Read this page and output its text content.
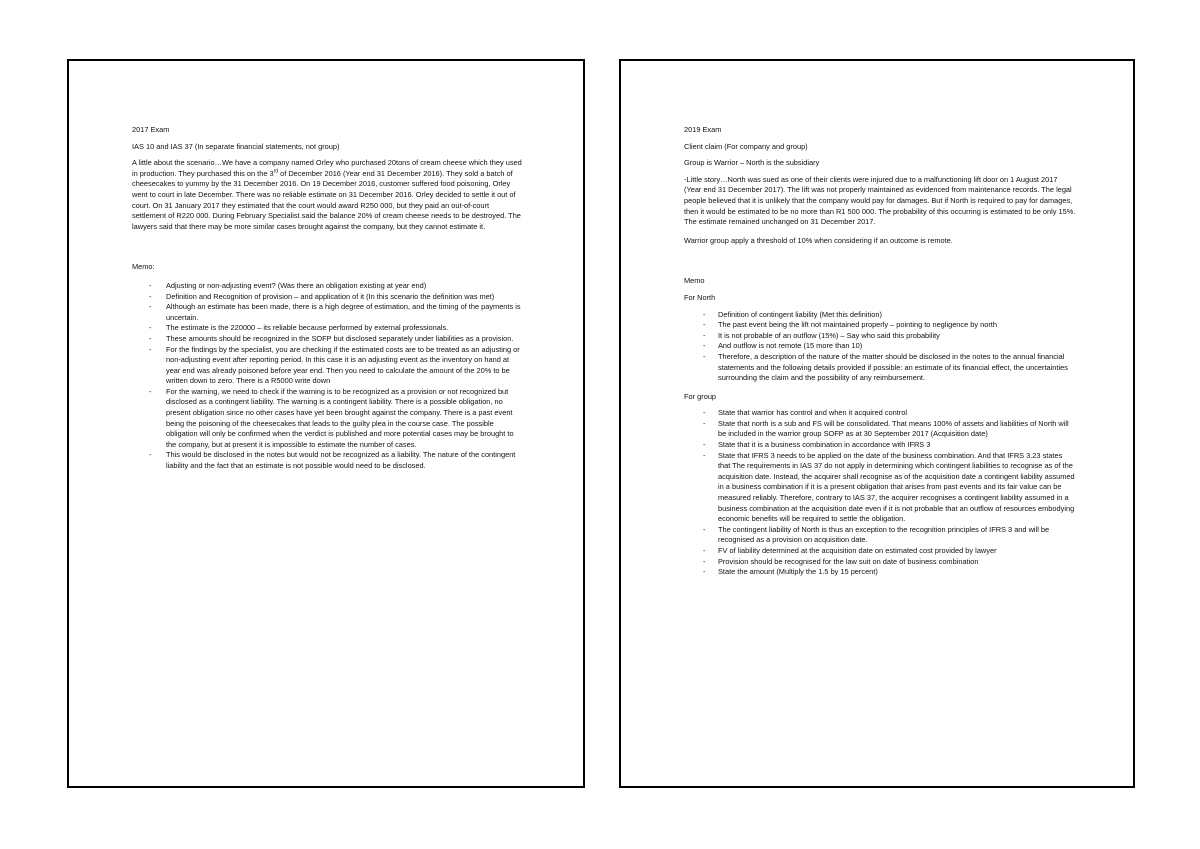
2017 Exam

IAS 10 and IAS 37 (In separate financial statements, not group)

A little about the scenario…We have a company named Orley who purchased 20tons of cream cheese which they used in production. They purchased this on the 3rd of December 2016 (Year end 31 December 2016). They sold a batch of cheesecakes to yummy by the 31 December 2016. On 19 December 2016, customer suffered food poisoning, Orley went to court in late December. There was no reliable estimate on 31 December 2016. Orley decided to settle it out of court. On 31 January 2017 they estimated that the court would award R250 000, but they paid an out-of-court settlement of R220 000. During February Specialist said the balance 20% of cream cheese needs to be destroyed. The lawyers said that there may be more similar cases brought against the company, but they cannot estimate it.

Memo:

- Adjusting or non-adjusting event? (Was there an obligation existing at year end)
- Definition and Recognition of provision – and application of it (In this scenario the definition was met)
- Although an estimate has been made, there is a high degree of estimation, and the timing of the payments is uncertain.
- The estimate is the 220000 – its reliable because performed by external professionals.
- These amounts should be recognized in the SOFP but disclosed separately under liabilities as a provision.
- For the findings by the specialist, you are checking if the estimated costs are to be treated as an adjusting or non-adjusting event after reporting period. In this case it is an adjusting event as the inventory on hand at year end was already poisoned before year end. Then you need to calculate the amount of the 20% to be written down to zero. There is a R5000 write down
- For the warning, we need to check if the warning is to be recognized as a provision or not recognized but disclosed as a contingent liability. The warning is a contingent liability. There is a possible obligation, no present obligation since no other cases have yet been brought against the company. There is a past event being the poisoning of the cheesecakes that leads to the guilty plea in the course case. The possible obligation will only be confirmed when the verdict is published and more potential cases may be brought to the company, but at present it is impossible to estimate the number of cases.
- This would be disclosed in the notes but would not be recognized as a liability. The nature of the contingent liability and the fact that an estimate is not possible would need to be disclosed.

2019 Exam

Client claim (For company and group)

Group is Warrior – North is the subsidiary

-Little story…North was sued as one of their clients were injured due to a malfunctioning lift door on 1 August 2017 (Year end 31 December 2017). The lift was not properly maintained as evidenced from maintenance records. The legal people believed that it is unlikely that the company would pay for damages. But if North is required to pay for damages, then it would be estimated to be no more than R1 500 000. The probability of this occurring is estimated to be only 15%. The estimate remained unchanged on 31 December 2017.

Warrior group apply a threshold of 10% when considering if an outcome is remote.

Memo

For North

- Definition of contingent liability (Met this definition)
- The past event being the lift not maintained properly – pointing to negligence by north
- It is not probable of an outflow (15%) – Say who said this probability
- And outflow is not remote (15 more than 10)
- Therefore, a description of the nature of the matter should be disclosed in the notes to the annual financial statements and the following details provided if possible: an estimate of its financial effect, the uncertainties surrounding the claim and the possibility of any reimbursement.

For group

- State that warrior has control and when it acquired control
- State that north is a sub and FS will be consolidated. That means 100% of assets and liabilities of North will be included in the warrior group SOFP as at 30 September 2017 (Acquisition date)
- State that it is a business combination in accordance with IFRS 3
- State that IFRS 3 needs to be applied on the date of the business combination. And that IFRS 3.23 states that The requirements in IAS 37 do not apply in determining which contingent liabilities to recognise as of the acquisition date. Instead, the acquirer shall recognise as of the acquisition date a contingent liability assumed in a business combination if it is a present obligation that arises from past events and its fair value can be measured reliably. Therefore, contrary to IAS 37, the acquirer recognises a contingent liability assumed in a business combination at the acquisition date even if it is not probable that an outflow of resources embodying economic benefits will be required to settle the obligation.
- The contingent liability of North is thus an exception to the recognition principles of IFRS 3 and will be recognised as a provision on acquisition date.
- FV of liability determined at the acquisition date on estimated cost provided by lawyer
- Provision should be recognised for the law suit on date of business combination
- State the amount (Multiply the 1.5 by 15 percent)
